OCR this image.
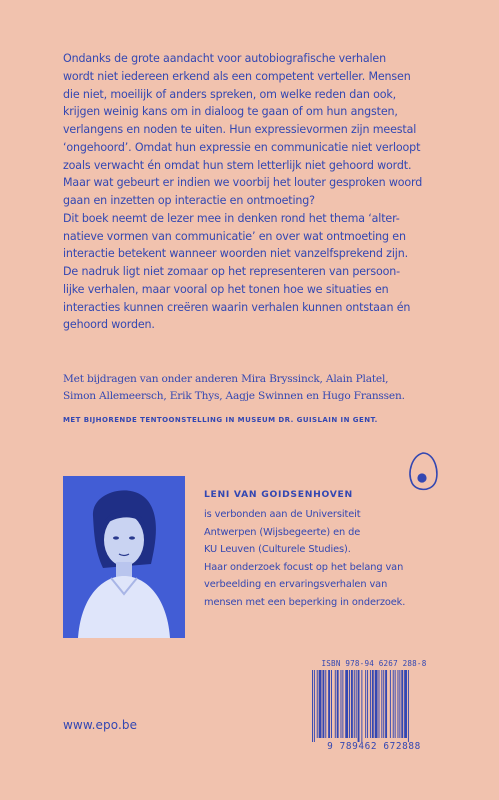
Ondanks de grote aandacht voor autobiografische verhalen
wordt niet iedereen erkend als een competent verteller. Mensen
die niet, moeilijk of anders spreken, om welke reden dan ook,
krijgen weinig kans om in dialoog te gaan of om hun angsten,
verlangens en noden te uiten. Hun expressievormen zijn meestal
‘ongehoord’. Omdat hun expressie en communicatie niet verloopt
zoals verwacht én omdat hun stem letterlijk niet gehoord wordt.
Maar wat gebeurt er indien we voorbij het louter gesproken woord
gaan en inzetten op interactie en ontmoeting?
Dit boek neemt de lezer mee in denken rond het thema ‘alter-
natieve vormen van communicatie’ en over wat ontmoeting en
interactie betekent wanneer woorden niet vanzelfsprekend zijn.
De nadruk ligt niet zomaar op het representeren van persoon-
lijke verhalen, maar vooral op het tonen hoe we situaties en
interacties kunnen creëren waarin verhalen kunnen ontstaan én
gehoord worden.
Met bijdragen van onder anderen Mira Bryssinck, Alain Platel,
Simon Allemeersch, Erik Thys, Aagje Swinnen en Hugo Franssen.

MET BIJHORENDE TENTOONSTELLING IN MUSEUM DR. GUISLAIN IN GENT.

LENI VAN GOIDSENHOVEN

is verbonden aan de Universiteit
Antwerpen (Wijsbegeerte) en de
KU Leuven (Culturele Studies).
Haar onderzoek focust op het belang van
verbeelding en ervaringsverhalen van
mensen met een beperking in onderzoek.
ISBN 978-94 6267 288-8
9 789462 672888
www.epo.be
